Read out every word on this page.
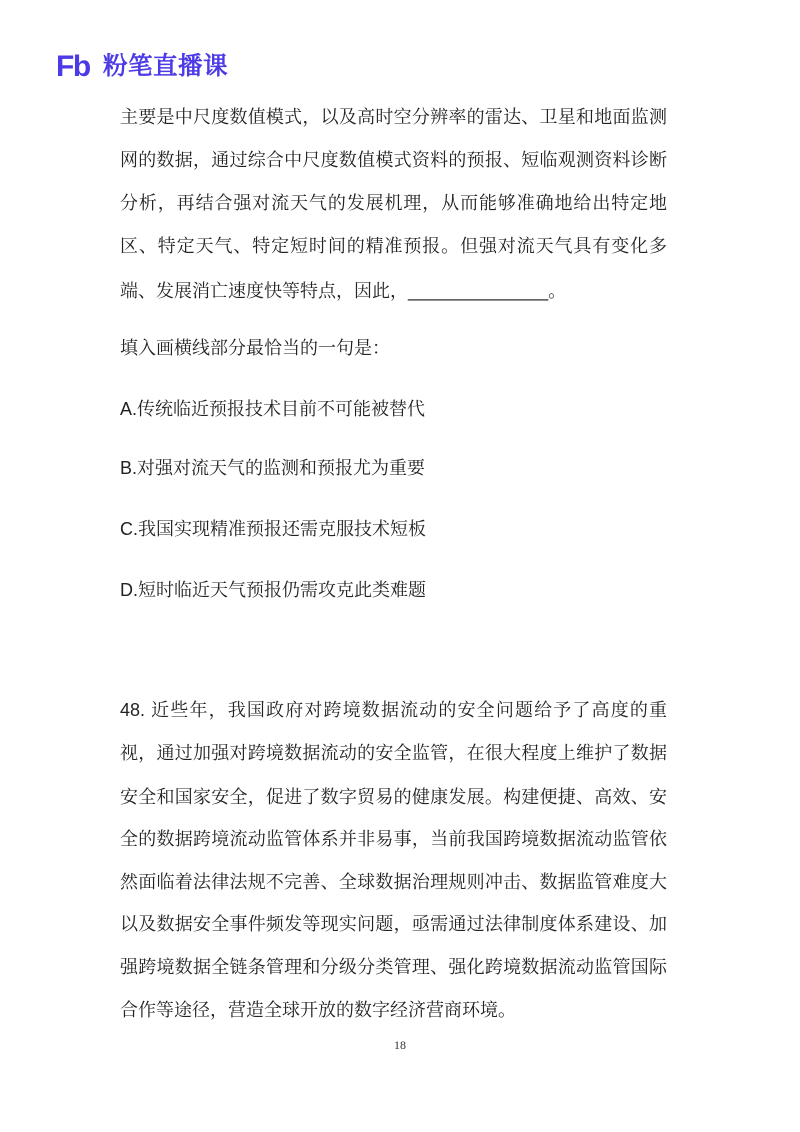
Fb 粉笔直播课
主要是中尺度数值模式，以及高时空分辨率的雷达、卫星和地面监测
网的数据，通过综合中尺度数值模式资料的预报、短临观测资料诊断
分析，再结合强对流天气的发展机理，从而能够准确地给出特定地
区、特定天气、特定短时间的精准预报。但强对流天气具有变化多
端、发展消亡速度快等特点，因此，______________。
填入画横线部分最恰当的一句是：
A.传统临近预报技术目前不可能被替代
B.对强对流天气的监测和预报尤为重要
C.我国实现精准预报还需克服技术短板
D.短时临近天气预报仍需攻克此类难题
48. 近些年，我国政府对跨境数据流动的安全问题给予了高度的重
视，通过加强对跨境数据流动的安全监管，在很大程度上维护了数据
安全和国家安全，促进了数字贸易的健康发展。构建便捷、高效、安
全的数据跨境流动监管体系并非易事，当前我国跨境数据流动监管依
然面临着法律法规不完善、全球数据治理规则冲击、数据监管难度大
以及数据安全事件频发等现实问题，亟需通过法律制度体系建设、加
强跨境数据全链条管理和分级分类管理、强化跨境数据流动监管国际
合作等途径，营造全球开放的数字经济营商环境。
18
